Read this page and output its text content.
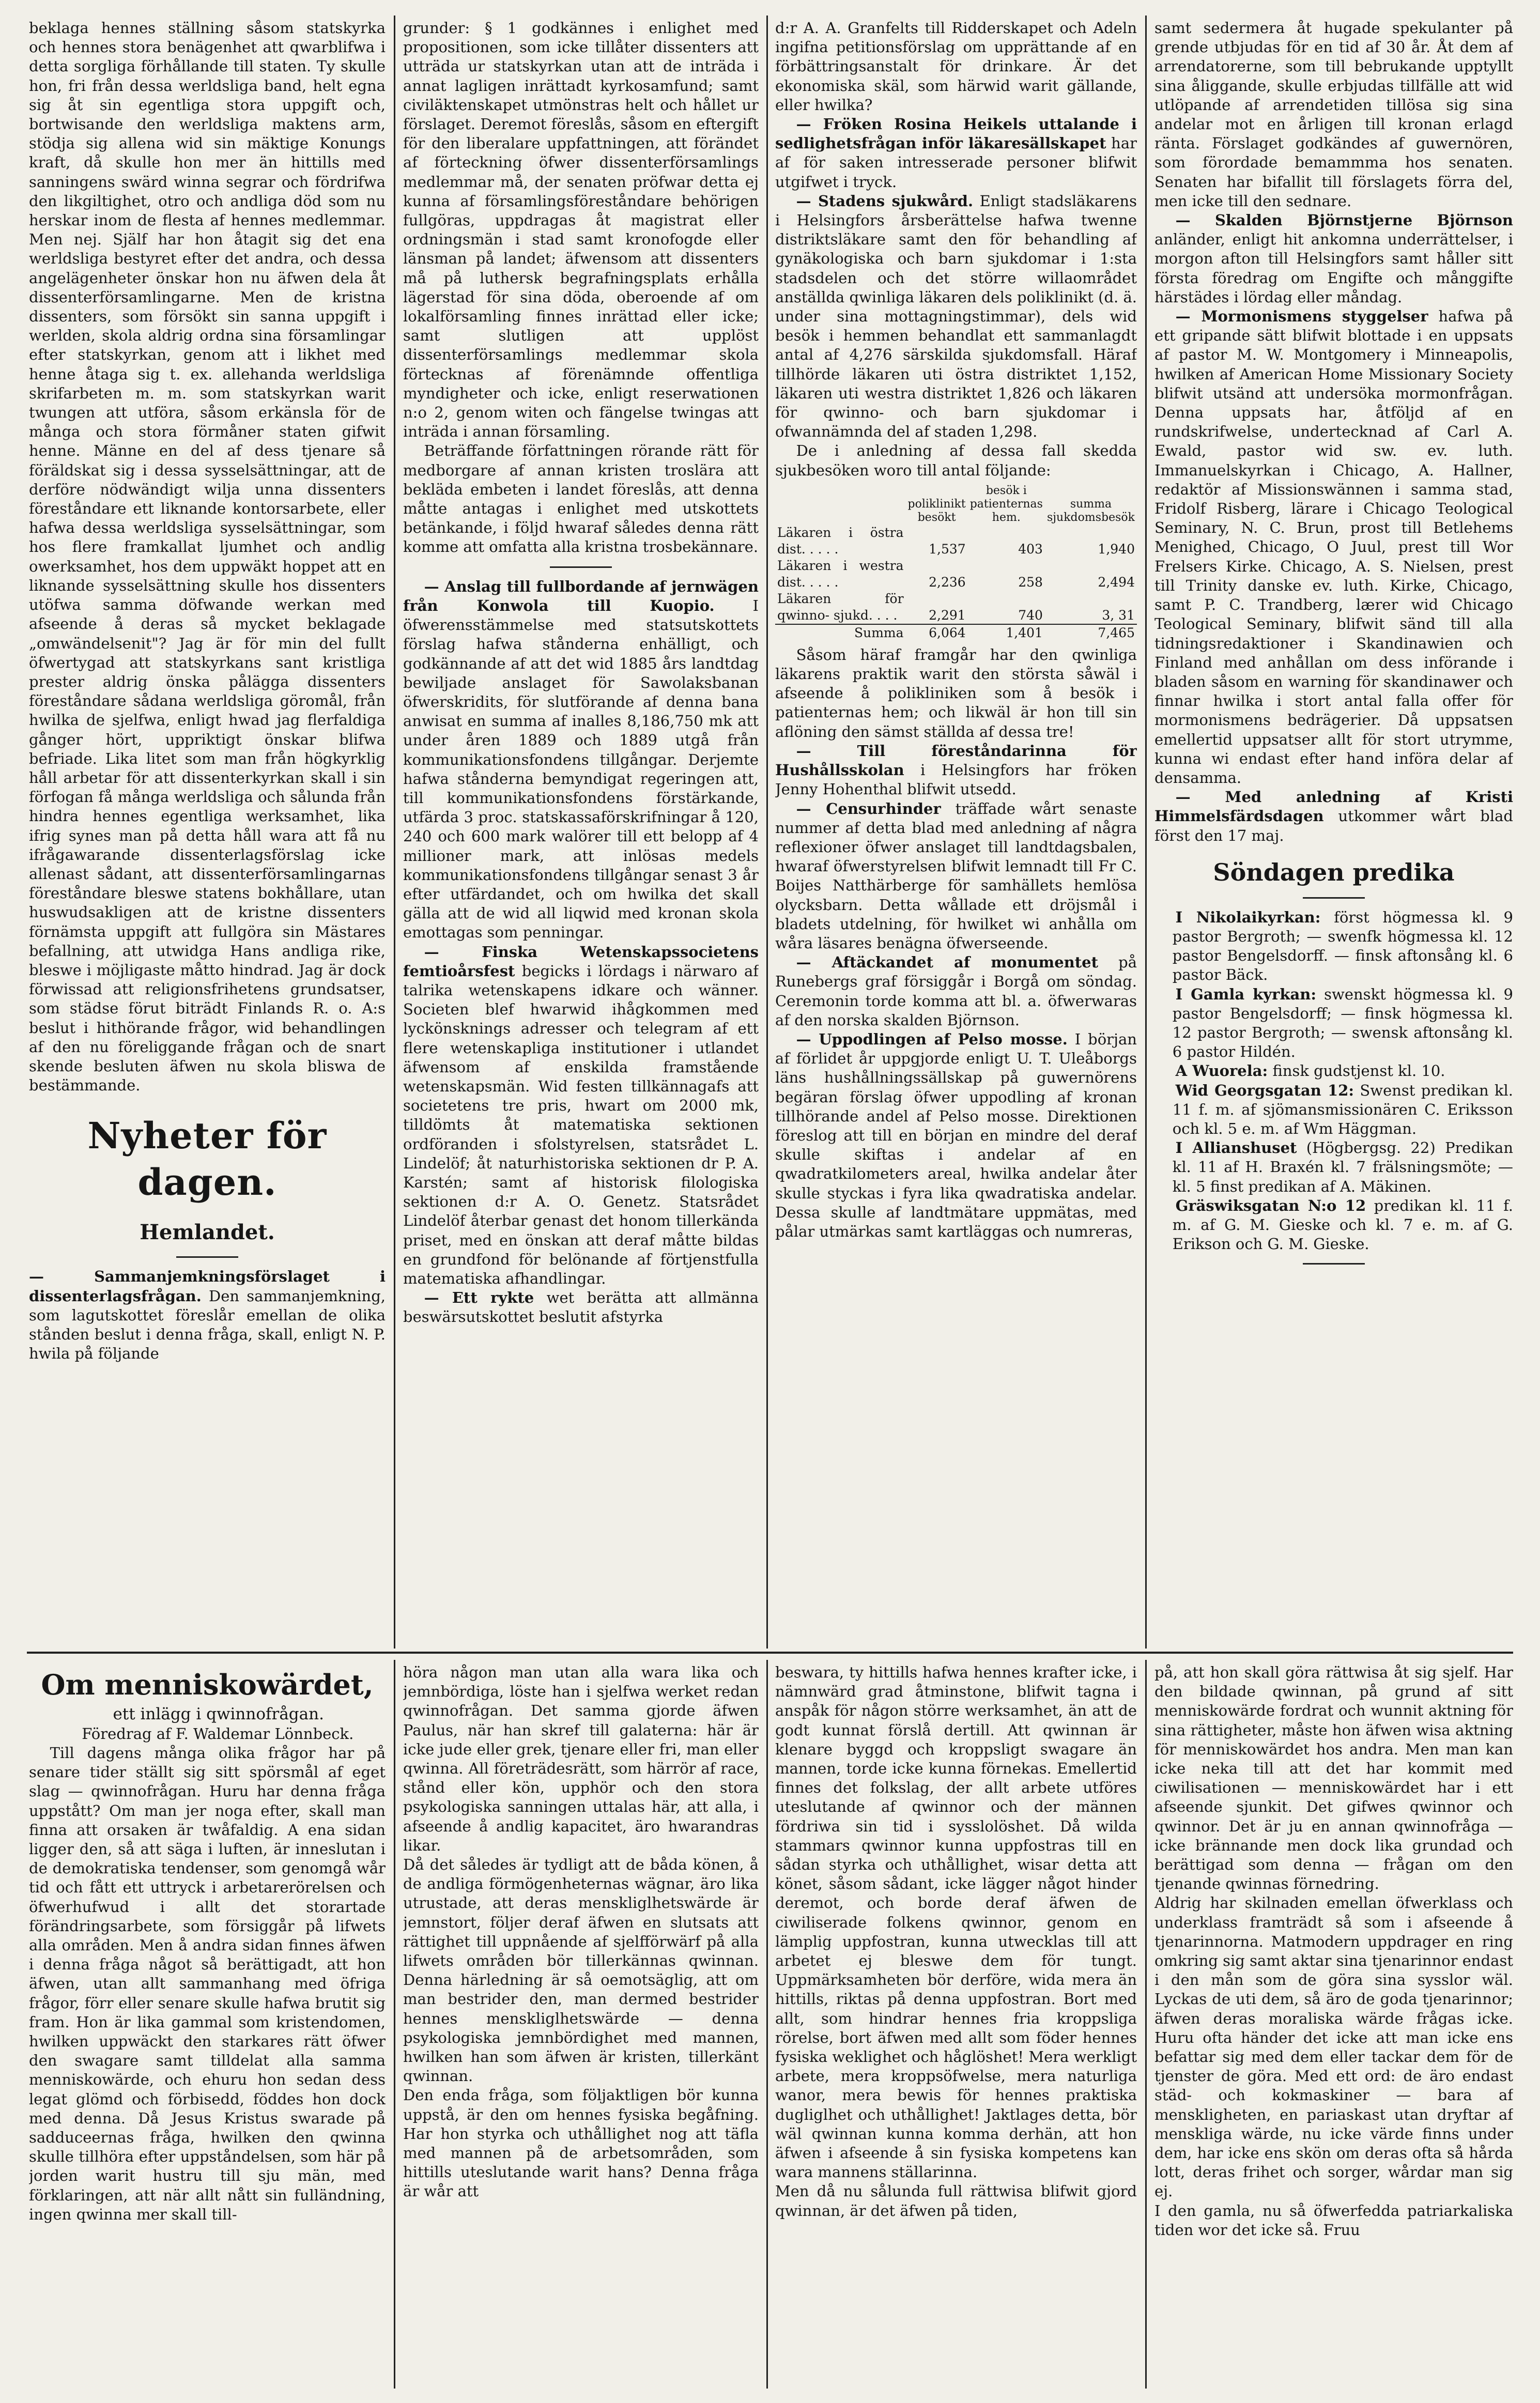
beklaga hennes ställning såsom statskyrka och hennes stora benägenhet att qwarblifwa i detta sorgliga förhållande till staten. Ty skulle hon, fri från dessa werldsliga band, helt egna sig åt sin egentliga stora uppgift och, bortwisande den werldsliga maktens arm, stödja sig allena wid sin mäktige Konungs kraft, då skulle hon mer än hittills med sanningens swärd winna segrar och fördrifwa den likgiltighet, otro och andliga död som nu herskar inom de flesta af hennes medlemmar. Men nej. Själf har hon åtagit sig det ena werldsliga bestyret efter det andra, och dessa angelägenheter önskar hon nu äfwen dela åt dissenterförsamlingarne. Men de kristna dissenters, som försökt sin sanna uppgift i werlden, skola aldrig ordna sina församlingar efter statskyrkan, genom att i likhet med henne åtaga sig t. ex. allehanda werldsliga skrifarbeten m. m. som statskyrkan warit twungen att utföra, såsom erkänsla för de många och stora förmåner staten gifwit henne. Männe en del af dess tjenare så föräldskat sig i dessa sysselsättningar, att de derföre nödwändigt wilja unna dissenters föreståndare ett liknande kontorsarbete, eller hafwa dessa werldsliga sysselsättningar, som hos flere framkallat ljumhet och andlig owerksamhet, hos dem uppwäkt hoppet att en liknande sysselsättning skulle hos dissenters utöfwa samma döfwande werkan med afseende å deras så mycket beklagade „omwändelsenit"? Jag är för min del fullt öfwertygad att statskyrkans sant kristliga prester aldrig önska pålägga dissenters föreståndare sådana werldsliga göromål, från hwilka de sjelfwa, enligt hwad jag flerfaldiga gånger hört, uppriktigt önskar blifwa befriade. Lika litet som man från högkyrklig håll arbetar för att dissenterkyrkan skall i sin förfogan få många werldsliga och sålunda från hindra hennes egentliga werksamhet, lika ifrig synes man på detta håll wara att få nu ifrågawarande dissenterlagsförslag icke allenast sådant, att dissenterförsamlingarnas föreståndare bleswe statens bokhållare, utan huswudsakligen att de kristne dissenters förnämsta uppgift att fullgöra sin Mästares befallning, att utwidga Hans andliga rike, bleswe i möjligaste måtto hindrad. Jag är dock förwissad att religionsfrihetens grundsatser, som städse förut biträdt Finlands R. o. A:s beslut i hithörande frågor, wid behandlingen af den nu föreliggande frågan och de snart skende besluten äfwen nu skola bliswa de bestämmande.

Nyheter för dagen.
Hemlandet.

— Sammanjemkningsförslaget i dissenterlagsfrågan. Den sammanjemkning, som lagutskottet föreslår emellan de olika stånden beslut i denna fråga, skall, enligt N. P. hwila på följande

grunder: § 1 godkännes i enlighet med propositionen, som icke tillåter dissenters att utträda ur statskyrkan utan att de inträda i annat lagligen inrättadt kyrkosamfund; samt civiläktenskapet utmönstras helt och hållet ur förslaget. Deremot föreslås, såsom en eftergift för den liberalare uppfattningen, att förändet af förteckning öfwer dissenterförsamlings medlemmar må, der senaten pröfwar detta ej kunna af församlingsföreståndare behörigen fullgöras, uppdragas åt magistrat eller ordningsmän i stad samt kronofogde eller länsman på landet; äfwensom att dissenters må på luthersk begrafningsplats erhålla lägerstad för sina döda, oberoende af om lokalförsamling finnes inrättad eller icke; samt slutligen att upplöst dissenterförsamlings medlemmar skola förtecknas af förenämnde offentliga myndigheter och icke, enligt reserwationen n:o 2, genom witen och fängelse twingas att inträda i annan församling.

Beträffande författningen rörande rätt för medborgare af annan kristen troslära att bekläda embeten i landet föreslås, att denna måtte antagas i enlighet med utskottets betänkande, i följd hwaraf således denna rätt komme att omfatta alla kristna trosbekännare.

— Anslag till fullbordande af jernwägen från Konwola till Kuopio.	I öfwerensstämmelse med statsutskottets förslag hafwa stånderna enhälligt, och godkännande af att det wid 1885 års landtdag bewiljade anslaget för Sawolaksbanan öfwerskridits, för slutförande af denna bana anwisat en summa af inalles 8,186,750 mk att under åren 1889 och 1889 utgå från kommunikationsfondens tillgångar. Derjemte hafwa stånderna bemyndigat regeringen att, till kommunikationsfondens förstärkande, utfärda 3 proc. statskassaförskrifningar å 120, 240 och 600 mark walörer till ett belopp af 4 millioner mark, att inlösas medels kommunikationsfondens tillgångar senast 3 år efter utfärdandet, och om hwilka det skall gälla att de wid all liqwid med kronan skola emottagas som penningar.

— Finska Wetenskapssocietens femtioårsfest begicks i lördags i närwaro af talrika wetenskapens idkare och wänner. Societen blef hwarwid ihågkommen med lyckönsknings adresser och telegram af ett flere wetenskapliga institutioner i utlandet äfwensom af enskilda framstående wetenskapsmän. Wid festen tillkännagafs att societetens tre pris, hwart om 2000 mk, tilldömts åt matematiska sektionen ordföranden i sfolstyrelsen, statsrådet L. Lindelöf; åt naturhistoriska sektionen dr P. A. Karstén; samt af historisk filologiska sektionen d:r A. O. Genetz. Statsrådet Lindelöf återbar genast det honom tillerkända priset, med en önskan att deraf måtte bildas en grundfond för belönande af förtjenstfulla matematiska afhandlingar.

— Ett rykte wet berätta att allmänna beswärsutskottet beslutit afstyrka

d:r A. A. Granfelts till Ridderskapet och Adeln ingifna petitionsförslag om upprättande af en förbättringsanstalt för drinkare. Är det ekonomiska skäl, som härwid warit gällande, eller hwilka?

— Fröken Rosina Heikels uttalande i sedlighetsfrågan inför läkaresällskapet har af för saken intresserade personer blifwit utgifwet i tryck.

— Stadens sjukwård. Enligt stadsläkarens i Helsingfors årsberättelse hafwa twenne distriktsläkare samt den för behandling af gynäkologiska och barn sjukdomar i 1:sta stadsdelen och det större willaområdet anställda qwinliga läkaren dels poliklinikt (d. ä. under sina mottagningstimmar), dels wid besök i hemmen behandlat ett sammanlagdt antal af 4,276 särskilda sjukdomsfall. Häraf tillhörde läkaren uti östra distriktet 1,152, läkaren uti westra distriktet 1,826 och läkaren för qwinno- och barn sjukdomar i ofwannämnda del af staden 1,298.

De i anledning af dessa fall skedda sjukbesöken woro till antal följande:

	poliklinikt besökt	besök i patienternas hem.	summa sjukdomsbesök
Läkaren i östra dist. . . . .	1,537	403	1,940
Läkaren i westra dist. . . . .	2,236	258	2,494
Läkaren för qwinno- sjukd. . . .	2,291	740	3, 31
Summa	6,064	1,401	7,465

Såsom häraf framgår har den qwinliga läkarens praktik warit den största såwäl i afseende å polikliniken som å besök i patienternas hem; och likwäl är hon till sin aflöning den sämst ställda af dessa tre!

— Till föreståndarinna för Hushållsskolan i Helsingfors har fröken Jenny Hohenthal blifwit utsedd.

— Censurhinder träffade wårt senaste nummer af detta blad med anledning af några reflexioner öfwer anslaget till landtdagsbalen, hwaraf öfwerstyrelsen blifwit lemnadt till Fr C. Boijes Natthärberge för samhällets hemlösa olycksbarn. Detta wållade ett dröjsmål i bladets utdelning, för hwilket wi anhålla om wåra läsares benägna öfwerseende.

— Aftäckandet af monumentet på Runebergs graf försiggår i Borgå om söndag. Ceremonin torde komma att bl. a. öfwerwaras af den norska skalden Björnson.

— Uppodlingen af Pelso mosse. I början af förlidet år uppgjorde enligt U. T. Uleåborgs läns hushållningssällskap på guwernörens begäran förslag öfwer uppodling af kronan tillhörande andel af Pelso mosse. Direktionen föreslog att till en början en mindre del deraf skulle skiftas i andelar af en qwadratkilometers areal, hwilka andelar åter skulle styckas i fyra lika qwadratiska andelar. Dessa skulle af landtmätare uppmätas, med pålar utmärkas samt kartläggas och numreras,

samt sedermera åt hugade spekulanter på grende utbjudas för en tid af 30 år. Åt dem af arrendatorerne, som till bebrukande upptyllt sina åliggande, skulle erbjudas tillfälle att wid utlöpande af arrendetiden tillösa sig sina andelar mot en årligen till kronan erlagd ränta. Förslaget godkändes af guwernören, som förordade bemammma hos senaten. Senaten har bifallit till förslagets förra del, men icke till den sednare.

— Skalden Björnstjerne Björnson anländer, enligt hit ankomna underrättelser, i morgon afton till Helsingfors samt håller sitt första föredrag om Engifte och månggifte härstädes i lördag eller måndag.

— Mormonismens styggelser hafwa på ett gripande sätt blifwit blottade i en uppsats af pastor M. W. Montgomery i Minneapolis, hwilken af American Home Missionary Society blifwit utsänd att undersöka mormonfrågan. Denna uppsats har, åtföljd af en rundskrifwelse, undertecknad af Carl A. Ewald, pastor wid sw. ev. luth. Immanuelskyrkan i Chicago, A. Hallner, redaktör af Missionswännen i samma stad, Fridolf Risberg, lärare i Chicago Teological Seminary, N. C. Brun, prost till Betlehems Menighed, Chicago, O Juul, prest till Wor Frelsers Kirke. Chicago, A. S. Nielsen, prest till Trinity danske ev. luth. Kirke, Chicago, samt P. C. Trandberg, lærer wid Chicago Teological Seminary, blifwit sänd till alla tidningsredaktioner i Skandinawien och Finland med anhållan om dess införande i bladen såsom en warning för skandinawer och finnar hwilka i stort antal falla offer för mormonismens bedrägerier. Då uppsatsen emellertid uppsatser allt för stort utrymme, kunna wi endast efter hand införa delar af densamma.

— Med anledning af Kristi Himmelsfärdsdagen utkommer wårt blad först den 17 maj.

Söndagen predika

I Nikolaikyrkan: först högmessa kl. 9 pastor Bergroth; — swenfk högmessa kl. 12 pastor Bengelsdorff. — finsk aftonsång kl. 6 pastor Bäck.

I Gamla kyrkan: swenskt högmessa kl. 9 pastor Bengelsdorff; — finsk högmessa kl. 12 pastor Bergroth; — swensk aftonsång kl. 6 pastor Hildén.

A Wuorela: finsk gudstjenst kl. 10.

Wid Georgsgatan 12: Swenst predikan kl. 11 f. m. af sjömansmissionären C. Eriksson och kl. 5 e. m. af Wm Häggman.

I Allianshuset (Högbergsg. 22) Predikan kl. 11 af H. Braxén kl. 7 frälsningsmöte; — kl. 5 finst predikan af A. Mäkinen.

Gräswiksgatan N:o 12 predikan kl. 11 f. m. af G. M. Gieske och kl. 7 e. m. af G. Erikson och G. M. Gieske.

Om menniskowärdet,

ett inlägg i qwinnofrågan.

Föredrag af F. Waldemar Lönnbeck.

Till dagens många olika frågor har på senare tider ställt sig sitt spörsmål af eget slag — qwinnofrågan. Huru har denna fråga uppstått? Om man jer noga efter, skall man finna att orsaken är twåfaldig. A ena sidan ligger den, så att säga i luften, är inneslutan i de demokratiska tendenser, som genomgå wår tid och fått ett uttryck i arbetarerörelsen och öfwerhufwud i allt det storartade förändringsarbete, som försiggår på lifwets alla områden. Men å andra sidan finnes äfwen i denna fråga något så berättigadt, att hon äfwen, utan allt sammanhang med öfriga frågor, förr eller senare skulle hafwa brutit sig fram. Hon är lika gammal som kristendomen, hwilken uppwäckt den starkares rätt öfwer den swagare samt tilldelat alla samma menniskowärde, och ehuru hon sedan dess legat glömd och förbisedd, föddes hon dock med denna. Då Jesus Kristus swarade på sadduceernas fråga, hwilken den qwinna skulle tillhöra efter uppståndelsen, som här på jorden warit hustru till sju män, med förklaringen, att när allt nått sin fulländning, ingen qwinna mer skall till-

höra någon man utan alla wara lika och jemnbördiga, löste han i sjelfwa werket redan qwinnofrågan. Det samma gjorde äfwen Paulus, när han skref till galaterna: här är icke jude eller grek, tjenare eller fri, man eller qwinna. All företrädesrätt, som härrör af race, stånd eller kön, upphör och den stora psykologiska sanningen uttalas här, att alla, i afseende å andlig kapacitet, äro hwarandras likar.
Då det således är tydligt att de båda könen, å de andliga förmögenheternas wägnar, äro lika utrustade, att deras menskliglhetswärde är jemnstort, följer deraf äfwen en slutsats att rättighet till uppnående af sjelfförwärf på alla lifwets områden bör tillerkännas qwinnan. Denna härledning är så oemotsäglig, att om man bestrider den, man dermed bestrider hennes menskliglhetswärde — denna psykologiska jemnbördighet med mannen, hwilken han som äfwen är kristen, tillerkänt qwinnan.
Den enda fråga, som följaktligen bör kunna uppstå, är den om hennes fysiska begåfning. Har hon styrka och uthållighet nog att täfla med mannen på de arbetsområden, som hittills uteslutande warit hans? Denna fråga är wår att

beswara, ty hittills hafwa hennes krafter icke, i nämnwärd grad åtminstone, blifwit tagna i anspåk för någon större werksamhet, än att de godt kunnat förslå dertill. Att qwinnan är klenare byggd och kroppsligt swagare än mannen, torde icke kunna förnekas. Emellertid finnes det folkslag, der allt arbete utföres uteslutande af qwinnor och der männen fördriwa sin tid i sysslolöshet. Då wilda stammars qwinnor kunna uppfostras till en sådan styrka och uthållighet, wisar detta att könet, såsom sådant, icke lägger något hinder deremot, och borde deraf äfwen de ciwiliserade folkens qwinnor, genom en lämplig uppfostran, kunna utwecklas till att arbetet ej bleswe dem för tungt. Uppmärksamheten bör derföre, wida mera än hittills, riktas på denna uppfostran. Bort med allt, som hindrar hennes fria kroppsliga rörelse, bort äfwen med allt som föder hennes fysiska weklighet och håglöshet! Mera werkligt arbete, mera kroppsöfwelse, mera naturliga wanor, mera bewis för hennes praktiska dugliglhet och uthållighet! Jaktlages detta, bör wäl qwinnan kunna komma derhän, att hon äfwen i afseende å sin fysiska kompetens kan wara mannens ställarinna.
Men då nu sålunda full rättwisa blifwit gjord qwinnan, är det äfwen på tiden,

på, att hon skall göra rättwisa åt sig sjelf. Har den bildade qwinnan, på grund af sitt menniskowärde fordrat och wunnit aktning för sina rättigheter, måste hon äfwen wisa aktning för menniskowärdet hos andra. Men man kan icke neka till att det har kommit med ciwilisationen — menniskowärdet har i ett afseende sjunkit. Det gifwes qwinnor och qwinnor. Det är ju en annan qwinnofråga — icke brännande men dock lika grundad och berättigad som denna — frågan om den tjenande qwinnas förnedring.
Aldrig har skilnaden emellan öfwerklass och underklass framträdt så som i afseende å tjenarinnorna. Matmodern uppdrager en ring omkring sig samt aktar sina tjenarinnor endast i den mån som de göra sina sysslor wäl. Lyckas de uti dem, så äro de goda tjenarinnor; äfwen deras moraliska wärde frågas icke. Huru ofta händer det icke att man icke ens befattar sig med dem eller tackar dem för de tjenster de göra. Med ett ord: de äro endast städ- och kokmaskiner — bara af menskligheten, en pariaskast utan dryftar af menskliga wärde, nu icke värde finns under dem, har icke ens skön om deras ofta så hårda lott, deras frihet och sorger, wårdar man sig ej.
I den gamla, nu så öfwerfedda patriarkaliska tiden wor det icke så. Fruu
